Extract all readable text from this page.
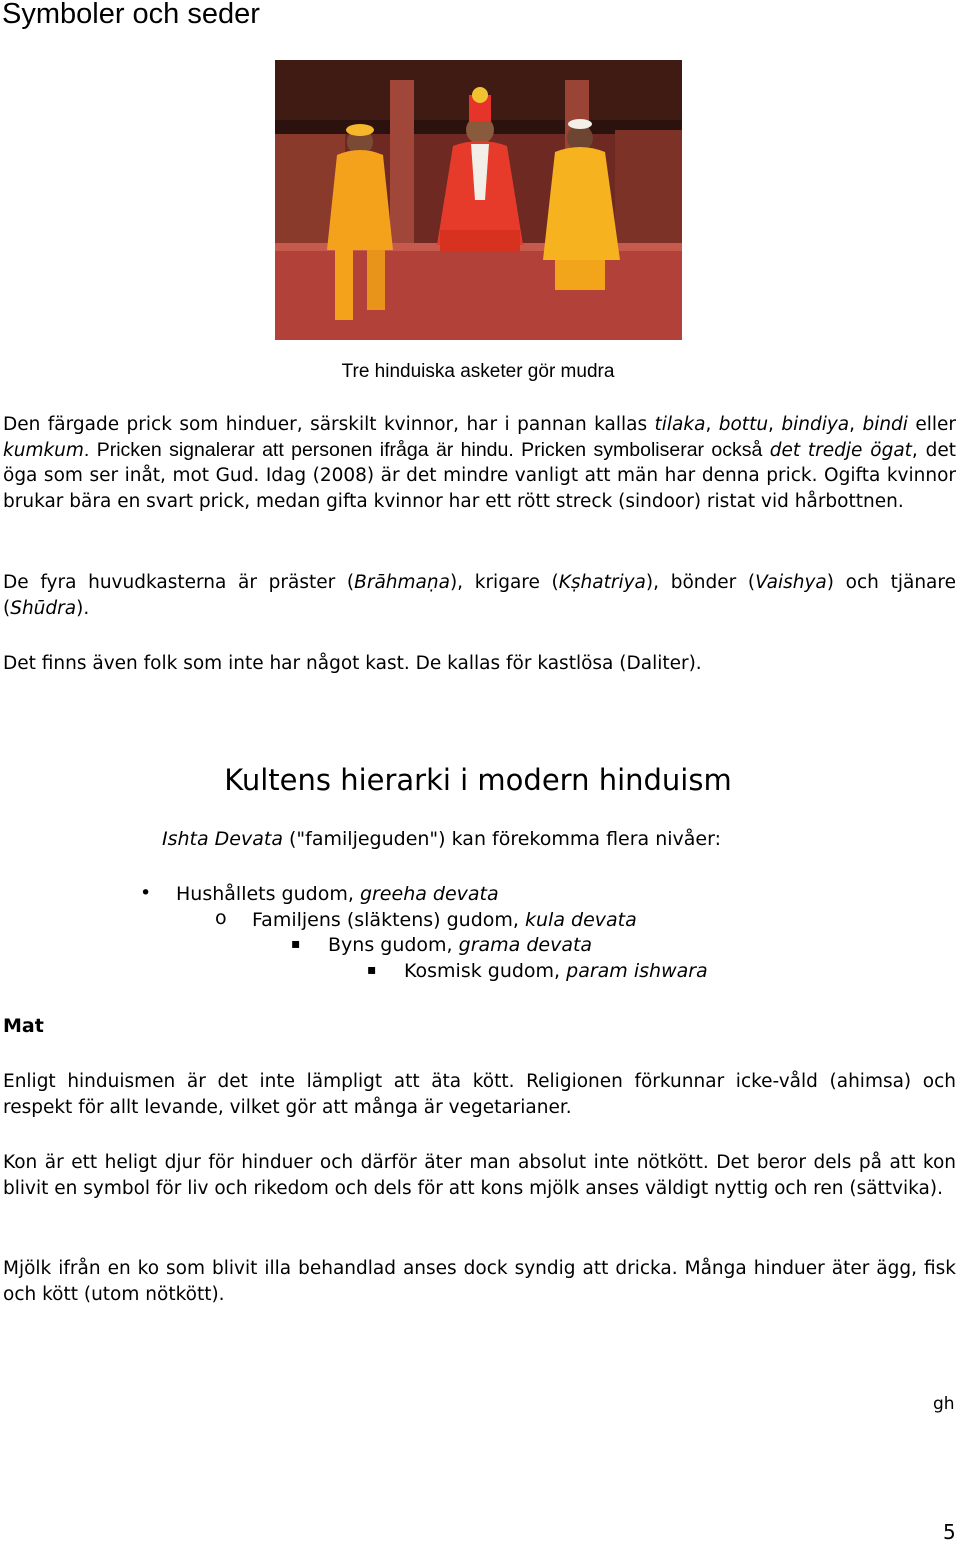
Symboler och seder
Tre hinduiska asketer gör mudra
Den färgade prick som hinduer, särskilt kvinnor, har i pannan kallas tilaka, bottu, bindiya, bindi eller kumkum. Pricken signalerar att personen ifråga är hindu. Pricken symboliserar också det tredje ögat, det öga som ser inåt, mot Gud. Idag (2008) är det mindre vanligt att män har denna prick. Ogifta kvinnor brukar bära en svart prick, medan gifta kvinnor har ett rött streck (sindoor) ristat vid hårbottnen.
De fyra huvudkasterna är präster (Brāhmaṇa), krigare (Kṣhatriya), bönder (Vaishya) och tjänare (Shūdra).
Det finns även folk som inte har något kast. De kallas för kastlösa (Daliter).
Kultens hierarki i modern hinduism
Ishta Devata ("familjeguden") kan förekomma flera nivåer:
• Hushållets gudom, greeha devata
o Familjens (släktens) gudom, kula devata
▪ Byns gudom, grama devata
▪ Kosmisk gudom, param ishwara
Mat
Enligt hinduismen är det inte lämpligt att äta kött. Religionen förkunnar icke-våld (ahimsa) och respekt för allt levande, vilket gör att många är vegetarianer.
Kon är ett heligt djur för hinduer och därför äter man absolut inte nötkött. Det beror dels på att kon blivit en symbol för liv och rikedom och dels för att kons mjölk anses väldigt nyttig och ren (sättvika).
Mjölk ifrån en ko som blivit illa behandlad anses dock syndig att dricka. Många hinduer äter ägg, fisk och kött (utom nötkött).
gh
5
